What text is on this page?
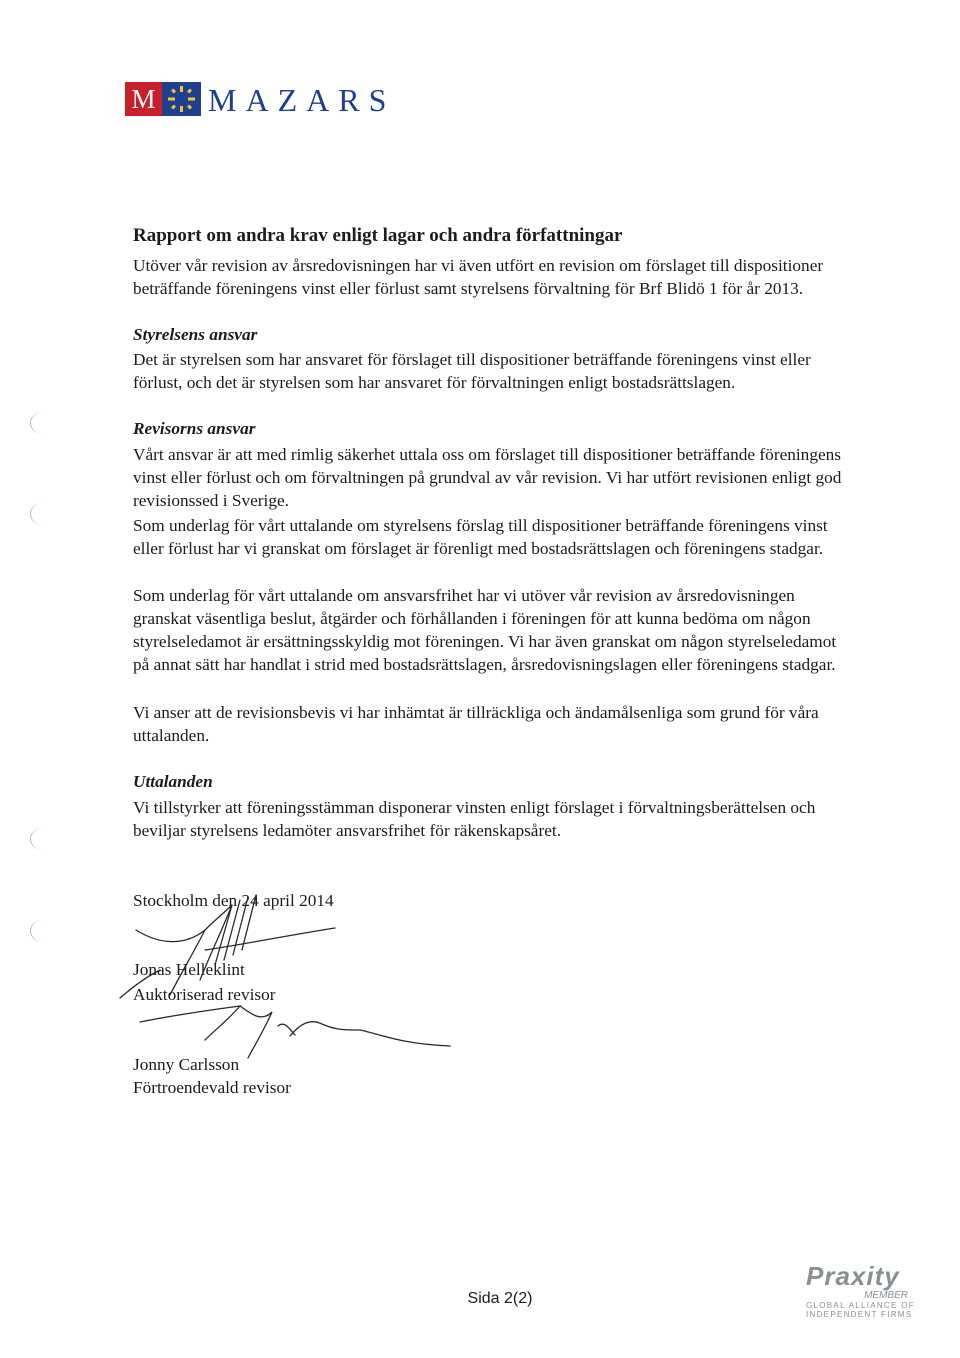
M MAZARS
Rapport om andra krav enligt lagar och andra författningar
Utöver vår revision av årsredovisningen har vi även utfört en revision om förslaget till dispositioner
beträffande föreningens vinst eller förlust samt styrelsens förvaltning för Brf Blidö 1 för år 2013.
Styrelsens ansvar
Det är styrelsen som har ansvaret för förslaget till dispositioner beträffande föreningens vinst eller
förlust, och det är styrelsen som har ansvaret för förvaltningen enligt bostadsrättslagen.
Revisorns ansvar
Vårt ansvar är att med rimlig säkerhet uttala oss om förslaget till dispositioner beträffande föreningens
vinst eller förlust och om förvaltningen på grundval av vår revision. Vi har utfört revisionen enligt god
revisionssed i Sverige.
Som underlag för vårt uttalande om styrelsens förslag till dispositioner beträffande föreningens vinst
eller förlust har vi granskat om förslaget är förenligt med bostadsrättslagen och föreningens stadgar.
Som underlag för vårt uttalande om ansvarsfrihet har vi utöver vår revision av årsredovisningen
granskat väsentliga beslut, åtgärder och förhållanden i föreningen för att kunna bedöma om någon
styrelseledamot är ersättningsskyldig mot föreningen. Vi har även granskat om någon styrelseledamot
på annat sätt har handlat i strid med bostadsrättslagen, årsredovisningslagen eller föreningens stadgar.
Vi anser att de revisionsbevis vi har inhämtat är tillräckliga och ändamålsenliga som grund för våra
uttalanden.
Uttalanden
Vi tillstyrker att föreningsstämman disponerar vinsten enligt förslaget i förvaltningsberättelsen och
beviljar styrelsens ledamöter ansvarsfrihet för räkenskapsåret.
Stockholm den 24 april 2014
Jonas Helleklint
Auktoriserad revisor
Jonny Carlsson
Förtroendevald revisor
Sida 2(2)
Praxity
MEMBER
GLOBAL ALLIANCE OF
INDEPENDENT FIRMS
